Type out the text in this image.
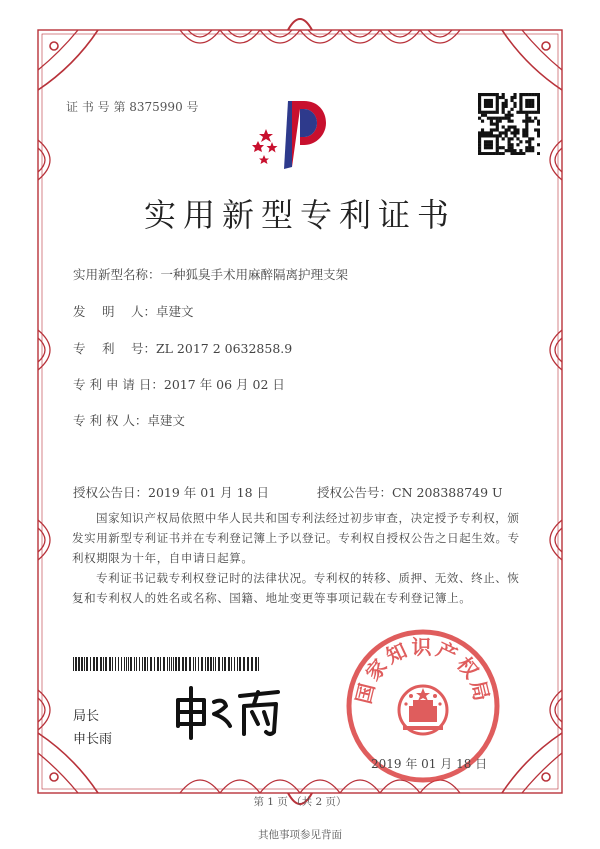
证 书 号 第 8375990 号
实用新型专利证书
实用新型名称：一种狐臭手术用麻醉隔离护理支架
发　 明　 人：卓建文
专　 利　 号：ZL 2017 2 0632858.9
专 利 申 请 日：2017 年 06 月 02 日
专 利 权 人：卓建文
授权公告日：2019 年 01 月 18 日	授权公告号：CN 208388749 U
国家知识产权局依照中华人民共和国专利法经过初步审查，决定授予专利权，颁发实用新型专利证书并在专利登记簿上予以登记。专利权自授权公告之日起生效。专利权期限为十年，自申请日起算。
专利证书记载专利权登记时的法律状况。专利权的转移、质押、无效、终止、恢复和专利权人的姓名或名称、国籍、地址变更等事项记载在专利登记簿上。
局长
申长雨
国家知识产权局
2019 年 01 月 18 日
第 1 页 （共 2 页）
其他事项参见背面
